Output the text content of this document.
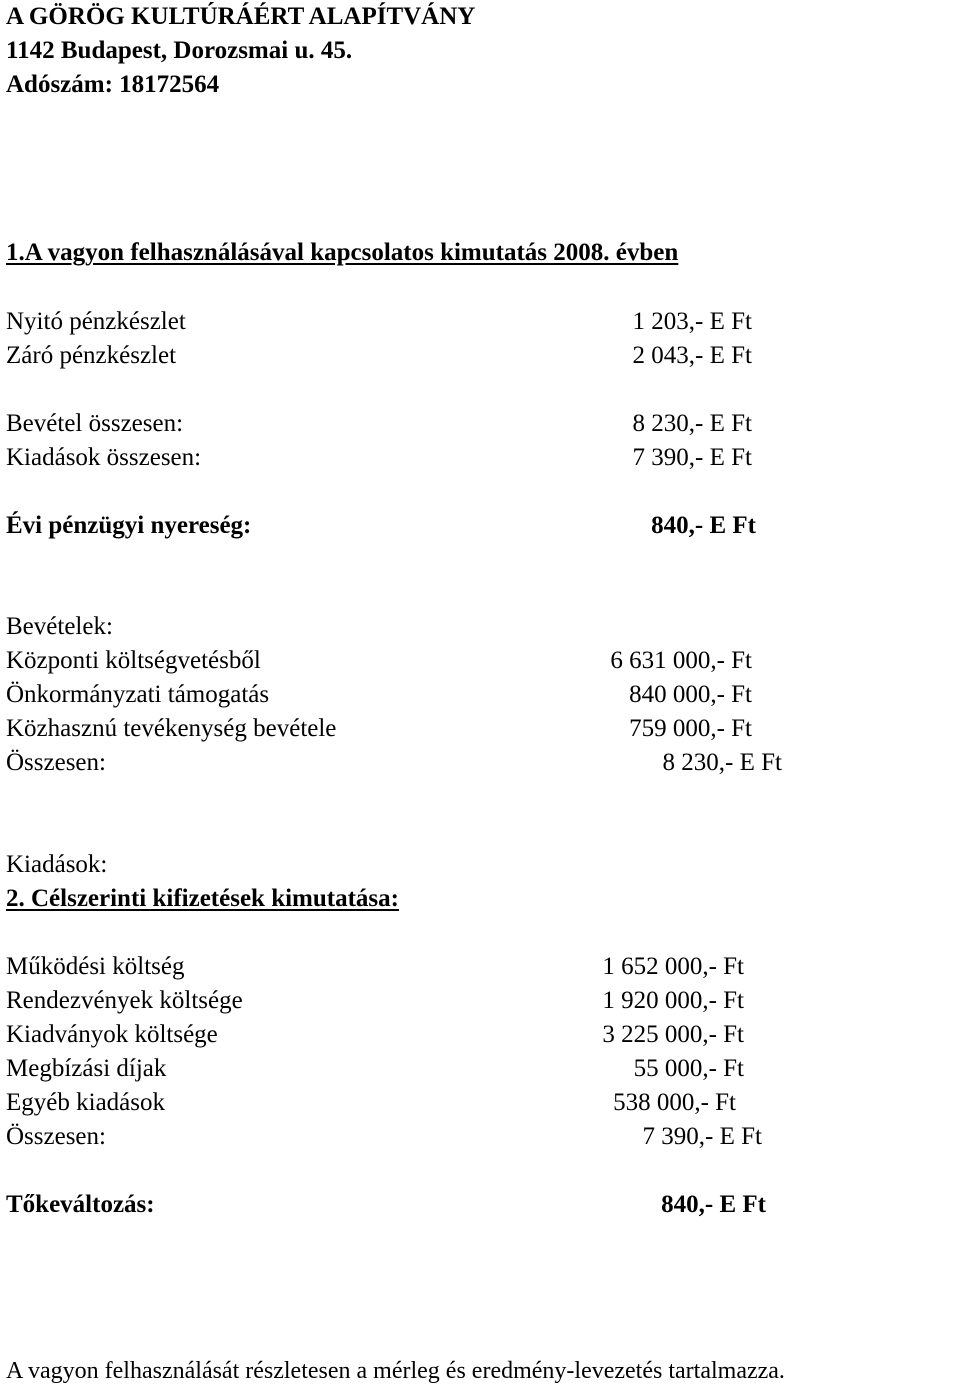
A GÖRÖG KULTÚRÁÉRT ALAPÍTVÁNY
1142 Budapest, Dorozsmai u. 45.
Adószám: 18172564
1.A vagyon felhasználásával kapcsolatos kimutatás 2008. évben
Nyitó pénzkészlet	1 203,- E Ft
Záró pénzkészlet	2 043,- E Ft
Bevétel összesen:	8 230,- E Ft
Kiadások összesen:	7 390,- E Ft
Évi pénzügyi nyereség:	840,- E Ft
Bevételek:
Központi költségvetésből	6 631 000,- Ft
Önkormányzati támogatás	840 000,- Ft
Közhasznú tevékenység bevétele	759 000,- Ft
Összesen:	8 230,- E Ft
Kiadások:
2. Célszerinti kifizetések kimutatása:
Működési költség	1 652 000,- Ft
Rendezvények költsége	1 920 000,- Ft
Kiadványok költsége	3 225 000,- Ft
Megbízási díjak	55 000,- Ft
Egyéb kiadások	538 000,- Ft
Összesen:	7 390,- E Ft
Tőkeváltozás:	840,- E Ft
A vagyon felhasználását részletesen a mérleg és eredmény-levezetés tartalmazza.
